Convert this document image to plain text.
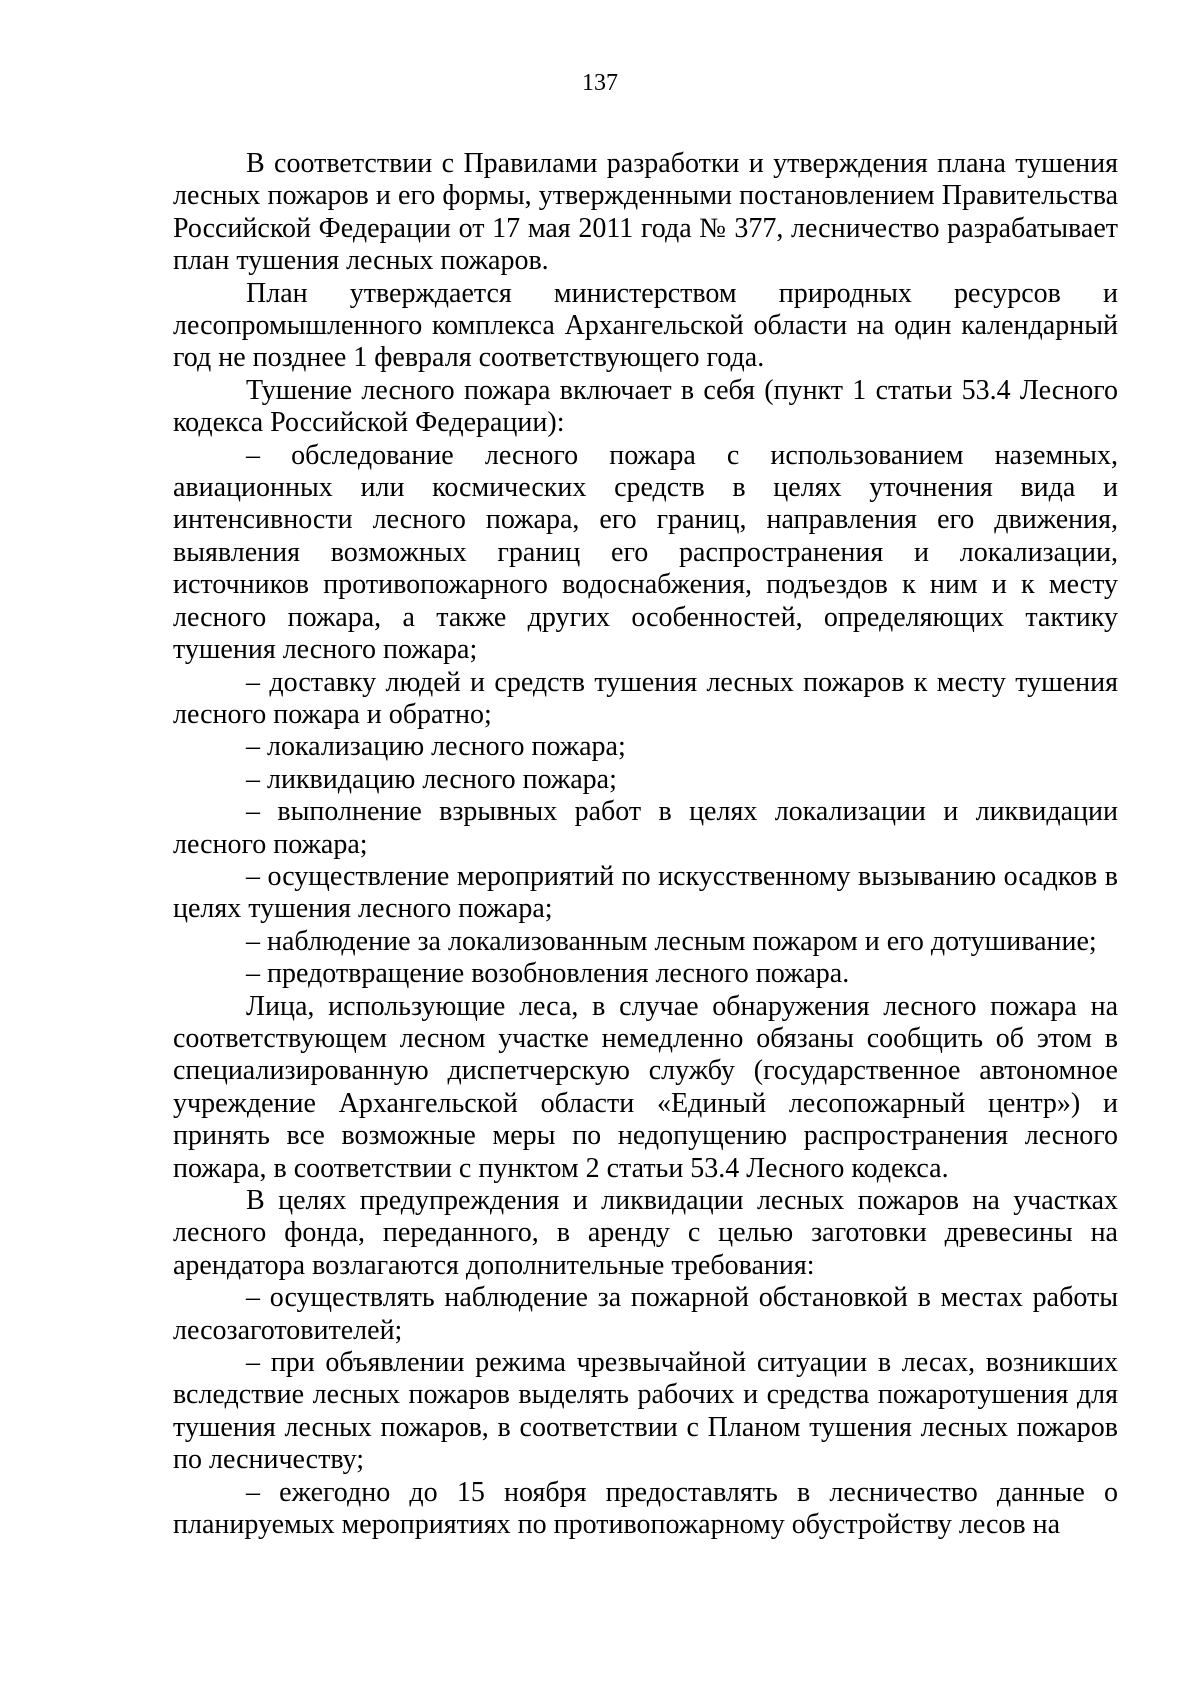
137

В соответствии с Правилами разработки и утверждения плана тушения лесных пожаров и его формы, утвержденными постановлением Правительства Российской Федерации от 17 мая 2011 года № 377, лесничество разрабатывает план тушения лесных пожаров.

План утверждается министерством природных ресурсов и лесопромышленного комплекса Архангельской области на один календарный год не позднее 1 февраля соответствующего года.

Тушение лесного пожара включает в себя (пункт 1 статьи 53.4 Лесного кодекса Российской Федерации):

– обследование лесного пожара с использованием наземных, авиационных или космических средств в целях уточнения вида и интенсивности лесного пожара, его границ, направления его движения, выявления возможных границ его распространения и локализации, источников противопожарного водоснабжения, подъездов к ним и к месту лесного пожара, а также других особенностей, определяющих тактику тушения лесного пожара;

– доставку людей и средств тушения лесных пожаров к месту тушения лесного пожара и обратно;

– локализацию лесного пожара;

– ликвидацию лесного пожара;

– выполнение взрывных работ в целях локализации и ликвидации лесного пожара;

– осуществление мероприятий по искусственному вызыванию осадков в целях тушения лесного пожара;

– наблюдение за локализованным лесным пожаром и его дотушивание;

– предотвращение возобновления лесного пожара.

Лица, использующие леса, в случае обнаружения лесного пожара на соответствующем лесном участке немедленно обязаны сообщить об этом в специализированную диспетчерскую службу (государственное автономное учреждение Архангельской области «Единый лесопожарный центр») и принять все возможные меры по недопущению распространения лесного пожара, в соответствии с пунктом 2 статьи 53.4 Лесного кодекса.

В целях предупреждения и ликвидации лесных пожаров на участках лесного фонда, переданного, в аренду с целью заготовки древесины на арендатора возлагаются дополнительные требования:

– осуществлять наблюдение за пожарной обстановкой в местах работы лесозаготовителей;

– при объявлении режима чрезвычайной ситуации в лесах, возникших вследствие лесных пожаров выделять рабочих и средства пожаротушения для тушения лесных пожаров, в соответствии с Планом тушения лесных пожаров по лесничеству;

– ежегодно до 15 ноября предоставлять в лесничество данные о планируемых мероприятиях по противопожарному обустройству лесов на
